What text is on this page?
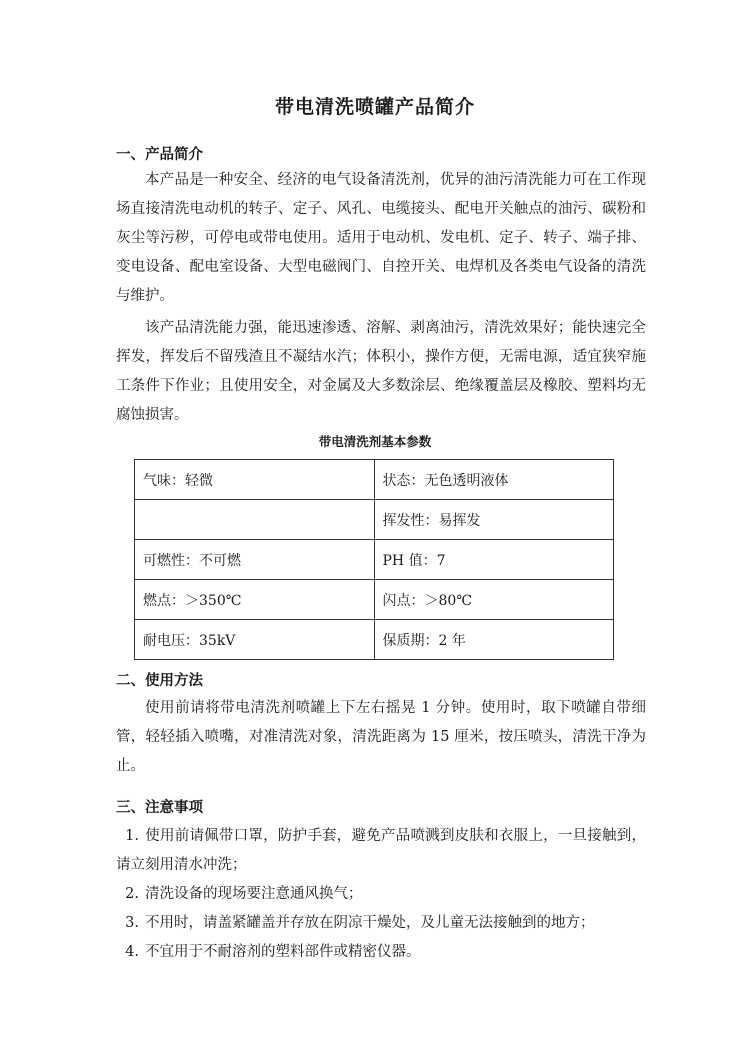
带电清洗喷罐产品简介
一、产品简介

本产品是一种安全、经济的电气设备清洗剂，优异的油污清洗能力可在工作现场直接清洗电动机的转子、定子、风孔、电缆接头、配电开关触点的油污、碳粉和灰尘等污秽，可停电或带电使用。适用于电动机、发电机、定子、转子、端子排、变电设备、配电室设备、大型电磁阀门、自控开关、电焊机及各类电气设备的清洗与维护。

该产品清洗能力强，能迅速渗透、溶解、剥离油污，清洗效果好；能快速完全挥发，挥发后不留残渣且不凝结水汽；体积小，操作方便，无需电源，适宜狭窄施工条件下作业；且使用安全，对金属及大多数涂层、绝缘覆盖层及橡胶、塑料均无腐蚀损害。

带电清洗剂基本参数

气味：轻微	状态：无色透明液体
	挥发性：易挥发
可燃性：不可燃	PH 值：7
燃点：＞350℃	闪点：＞80℃
耐电压：35kV	保质期：2 年
二、使用方法

使用前请将带电清洗剂喷罐上下左右摇晃 1 分钟。使用时，取下喷罐自带细管，轻轻插入喷嘴，对准清洗对象，清洗距离为 15 厘米，按压喷头，清洗干净为止。

三、注意事项

1. 使用前请佩带口罩，防护手套，避免产品喷溅到皮肤和衣服上，一旦接触到，请立刻用清水冲洗；

2. 清洗设备的现场要注意通风换气；

3. 不用时，请盖紧罐盖并存放在阴凉干燥处，及儿童无法接触到的地方；

4. 不宜用于不耐溶剂的塑料部件或精密仪器。
